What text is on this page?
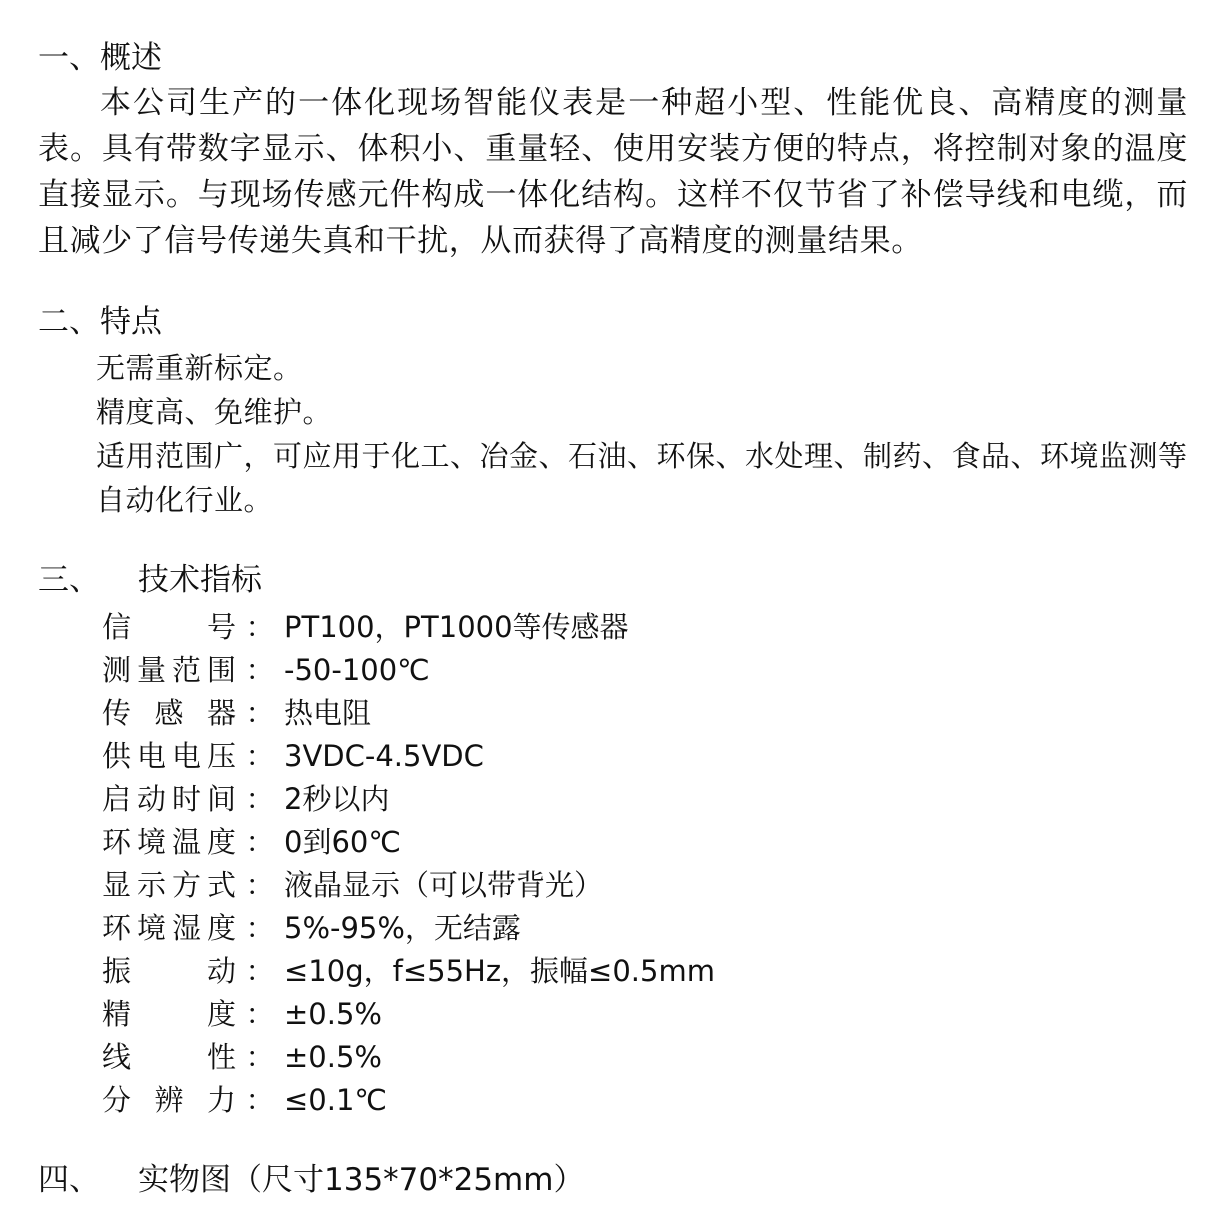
一、概述

本公司生产的一体化现场智能仪表是一种超小型、性能优良、高精度的测量表。具有带数字显示、体积小、重量轻、使用安装方便的特点，将控制对象的温度直接显示。与现场传感元件构成一体化结构。这样不仅节省了补偿导线和电缆，而且减少了信号传递失真和干扰，从而获得了高精度的测量结果。

二、特点
无需重新标定。
精度高、免维护。
适用范围广，可应用于化工、冶金、石油、环保、水处理、制药、食品、环境监测等自动化行业。
三、 技术指标
信号 ： PT100，PT1000等传感器
测量范围 ： -50-100℃
传感器 ： 热电阻
供电电压 ： 3VDC-4.5VDC
启动时间 ： 2秒以内
环境温度 ： 0到60℃
显示方式 ： 液晶显示（可以带背光）
环境湿度 ： 5%-95%，无结露
振动 ： ≤10g，f≤55Hz，振幅≤0.5mm
精度 ： ±0.5%
线性 ： ±0.5%
分辨力 ： ≤0.1℃
四、 实物图（尺寸135*70*25mm）
